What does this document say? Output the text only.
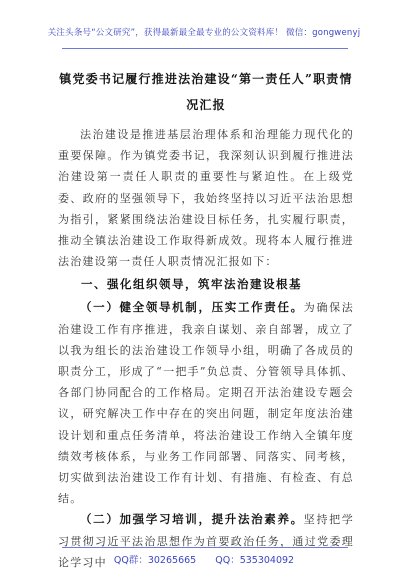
关注头条号“公文研究”，获得最新最全最专业的公文资料库！ 微信：gongwenyj
镇党委书记履行推进法治建设“第一责任人”职责情况汇报

法治建设是推进基层治理体系和治理能力现代化的重要保障。作为镇党委书记，我深刻认识到履行推进法治建设第一责任人职责的重要性与紧迫性。在上级党委、政府的坚强领导下，我始终坚持以习近平法治思想为指引，紧紧围绕法治建设目标任务，扎实履行职责，推动全镇法治建设工作取得新成效。现将本人履行推进法治建设第一责任人职责情况汇报如下：

一、强化组织领导，筑牢法治建设根基

（一）健全领导机制，压实工作责任。为确保法治建设工作有序推进，我亲自谋划、亲自部署，成立了以我为组长的法治建设工作领导小组，明确了各成员的职责分工，形成了“一把手”负总责、分管领导具体抓、各部门协同配合的工作格局。定期召开法治建设专题会议，研究解决工作中存在的突出问题，制定年度法治建设计划和重点任务清单，将法治建设工作纳入全镇年度绩效考核体系，与业务工作同部署、同落实、同考核，切实做到法治建设工作有计划、有措施、有检查、有总结。

（二）加强学习培训，提升法治素养。坚持把学习贯彻习近平法治思想作为首要政治任务，通过党委理论学习中 QQ群：30265665 QQ：535304092
